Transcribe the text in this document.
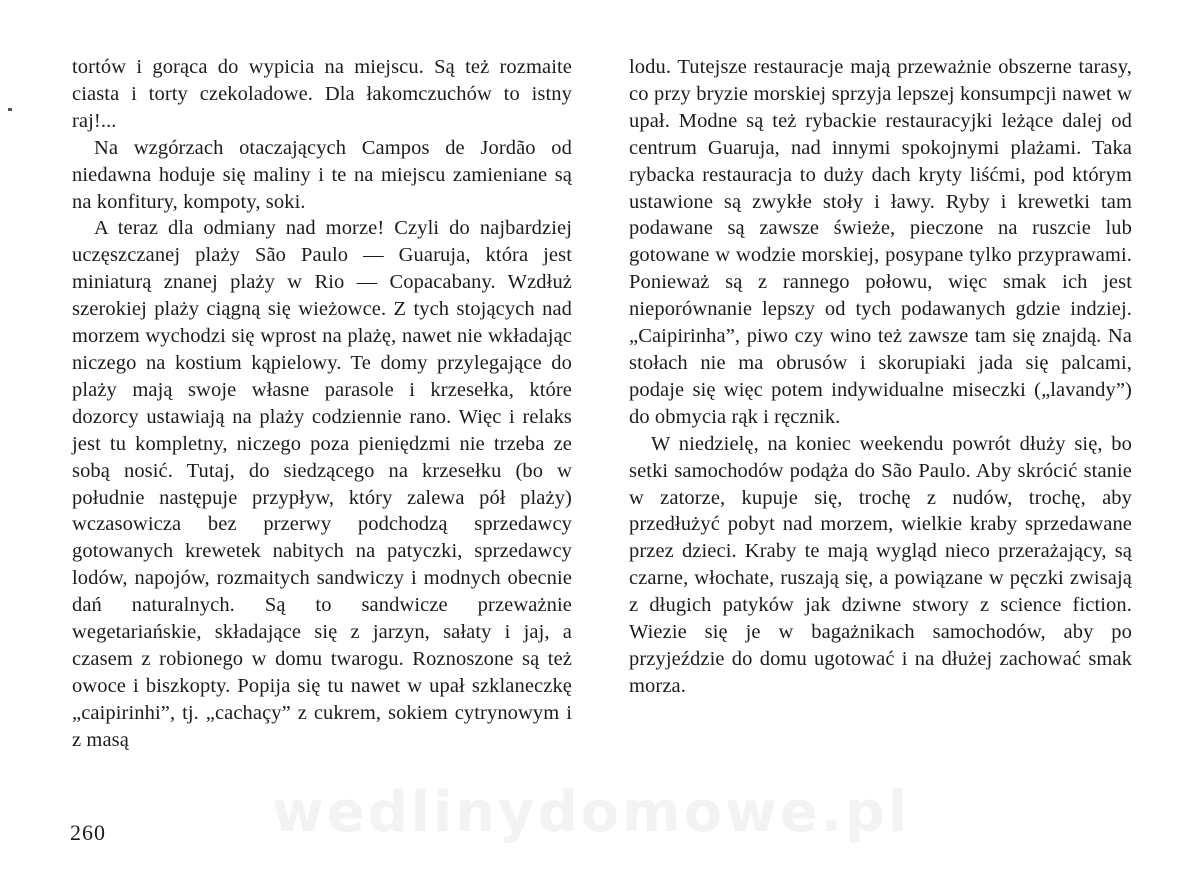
tortów i gorąca do wypicia na miejscu. Są też rozmaite ciasta i torty czekoladowe. Dla łakomczuchów to istny raj!...

Na wzgórzach otaczających Campos de Jordão od niedawna hoduje się maliny i te na miejscu zamieniane są na konfitury, kompoty, soki.

A teraz dla odmiany nad morze! Czyli do najbardziej uczęszczanej plaży São Paulo — Guaruja, która jest miniaturą znanej plaży w Rio — Copacabany. Wzdłuż szerokiej plaży ciągną się wieżowce. Z tych stojących nad morzem wychodzi się wprost na plażę, nawet nie wkładając niczego na kostium kąpielowy. Te domy przylegające do plaży mają swoje własne parasole i krzesełka, które dozorcy ustawiają na plaży codziennie rano. Więc i relaks jest tu kompletny, niczego poza pieniędzmi nie trzeba ze sobą nosić. Tutaj, do siedzącego na krzesełku (bo w południe następuje przypływ, który zalewa pół plaży) wczasowicza bez przerwy podchodzą sprzedawcy gotowanych krewetek nabitych na patyczki, sprzedawcy lodów, napojów, rozmaitych sandwiczy i modnych obecnie dań naturalnych. Są to sandwicze przeważnie wegetariańskie, składające się z jarzyn, sałaty i jaj, a czasem z robionego w domu twarogu. Roznoszone są też owoce i biszkopty. Popija się tu nawet w upał szklaneczkę „caipirinhi”, tj. „cachaçy” z cukrem, sokiem cytrynowym i z masą

lodu. Tutejsze restauracje mają przeważnie obszerne tarasy, co przy bryzie morskiej sprzyja lepszej konsumpcji nawet w upał. Modne są też rybackie restauracyjki leżące dalej od centrum Guaruja, nad innymi spokojnymi plażami. Taka rybacka restauracja to duży dach kryty liśćmi, pod którym ustawione są zwykłe stoły i ławy. Ryby i krewetki tam podawane są zawsze świeże, pieczone na ruszcie lub gotowane w wodzie morskiej, posypane tylko przyprawami. Ponieważ są z rannego połowu, więc smak ich jest nieporównanie lepszy od tych podawanych gdzie indziej. „Caipirinha”, piwo czy wino też zawsze tam się znajdą. Na stołach nie ma obrusów i skorupiaki jada się palcami, podaje się więc potem indywidualne miseczki („lavandy”) do obmycia rąk i ręcznik.

W niedzielę, na koniec weekendu powrót dłuży się, bo setki samochodów podąża do São Paulo. Aby skrócić stanie w zatorze, kupuje się, trochę z nudów, trochę, aby przedłużyć pobyt nad morzem, wielkie kraby sprzedawane przez dzieci. Kraby te mają wygląd nieco przerażający, są czarne, włochate, ruszają się, a powiązane w pęczki zwisają z długich patyków jak dziwne stwory z science fiction. Wiezie się je w bagażnikach samochodów, aby po przyjeździe do domu ugotować i na dłużej zachować smak morza.

wedlinydomowe.pl
260
